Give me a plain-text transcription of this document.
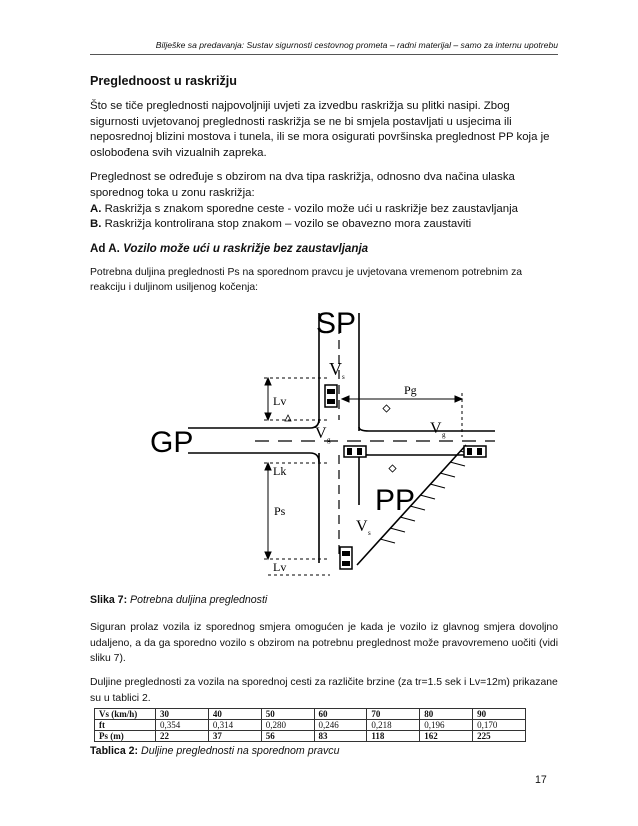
Bilješke sa predavanja: Sustav sigurnosti cestovnog prometa – radni materijal – samo za internu upotrebu
Preglednoost u raskrižju

Što se tiče preglednosti najpovoljniji uvjeti za izvedbu raskrižja su plitki nasipi. Zbog sigurnosti uvjetovanoj preglednosti raskrižja se ne bi smjela postavljati u usjecima ili neposrednoj blizini mostova i tunela, ili se mora osigurati površinska preglednost PP koja je oslobođena svih vizualnih zapreka.

Preglednost se određuje s obzirom na dva tipa raskrižja, odnosno dva načina ulaska sporednog toka u zonu raskrižja:
A. Raskrižja s znakom sporedne ceste - vozilo može ući u raskrižje bez zaustavljanja
B. Raskrižja kontrolirana stop znakom – vozilo se obavezno mora zaustaviti

Ad A. Vozilo može ući u raskrižje bez zaustavljanja

Potrebna duljina preglednosti Ps na sporednom pravcu je uvjetovana vremenom potrebnim za reakciju i duljinom usiljenog kočenja:

SP
GP
PP
Lv
Lk
Ps
Lv
Pg
V s
V g
V g
V s

Slika 7: Potrebna duljina preglednosti

Siguran prolaz vozila iz sporednog smjera omogućen je kada je vozilo iz glavnog smjera dovoljno udaljeno, a da ga sporedno vozilo s obzirom na potrebnu preglednost može pravovremeno uočiti (vidi sliku 7).

Duljine preglednosti za vozila na sporednoj cesti za različite brzine (za tr=1.5 sek i Lv=12m) prikazane su u tablici 2.

Vs (km/h)	30	40	50	60	70	80	90
ft	0,354	0,314	0,280	0,246	0,218	0,196	0,170
Ps (m)	22	37	56	83	118	162	225

Tablica 2: Duljine preglednosti na sporednom pravcu

17
